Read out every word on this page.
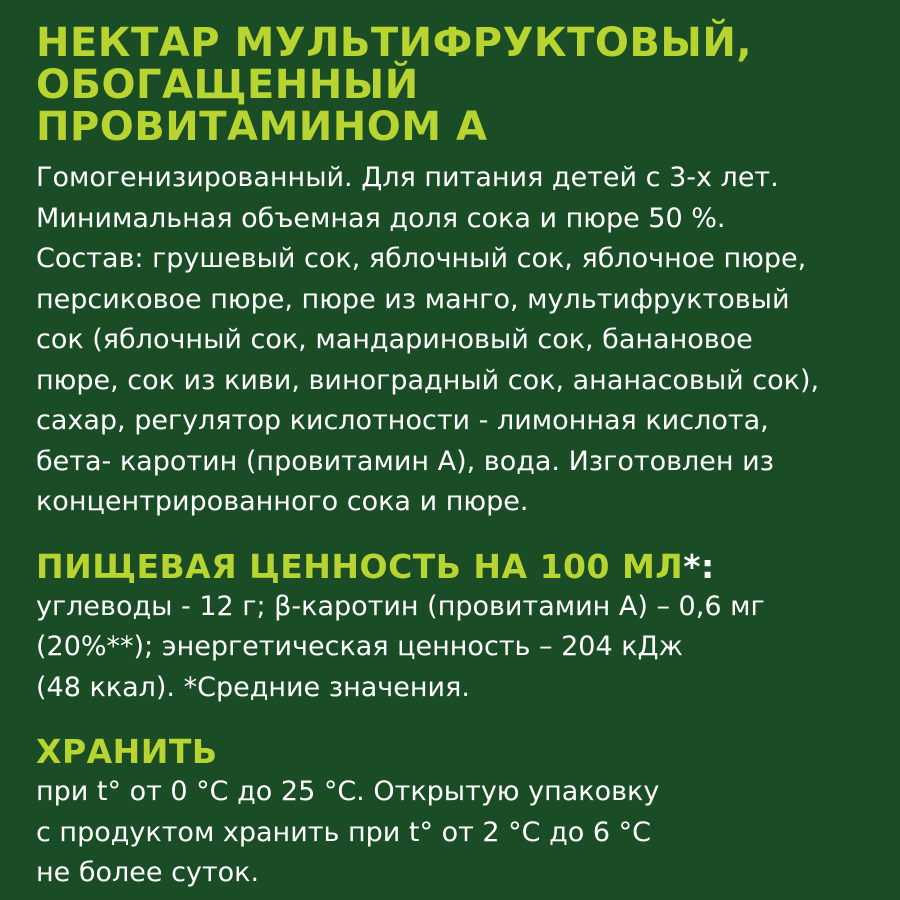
НЕКТАР МУЛЬТИФРУКТОВЫЙ,
ОБОГАЩЕННЫЙ
ПРОВИТАМИНОМ А

Гомогенизированный. Для питания детей с 3-х лет.
Минимальная объемная доля сока и пюре 50 %.
Состав: грушевый сок, яблочный сок, яблочное пюре,
персиковое пюре, пюре из манго, мультифруктовый
сок (яблочный сок, мандариновый сок, банановое
пюре, сок из киви, виноградный сок, ананасовый сок),
сахар, регулятор кислотности - лимонная кислота,
бета- каротин (провитамин А), вода. Изготовлен из
концентрированного сока и пюре.

ПИЩЕВАЯ ЦЕННОСТЬ НА 100 МЛ*:

углеводы - 12 г; β-каротин (провитамин А) – 0,6 мг
(20%**); энергетическая ценность – 204 кДж
(48 ккал). *Средние значения.

ХРАНИТЬ

при t° от 0 °С до 25 °С. Открытую упаковку
с продуктом хранить при t° от 2 °С до 6 °С
не более суток.
